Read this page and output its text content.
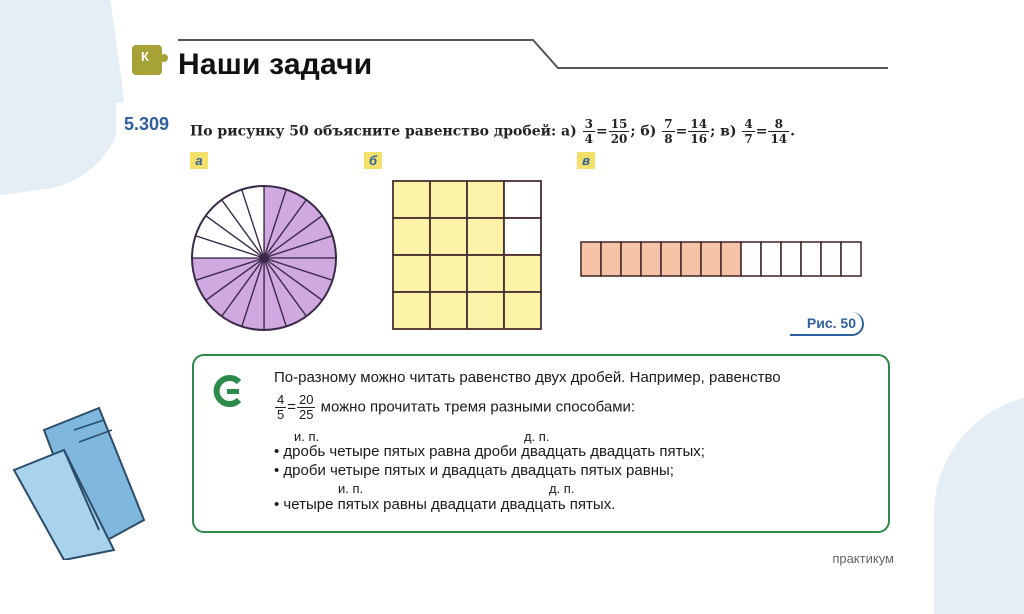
К Наши задачи
5.309 По рисунку 50 объясните равенство дробей: $а) \frac{3}{4} = \frac{15}{20}$ ; $б) \frac{7}{8} = \frac{14}{16}$ ; $в) \frac{4}{7} = \frac{8}{14}$ .
а	б	в
Рис. 50
По-разному можно читать равенство двух дробей. Например, равенство
$\frac{4}{5} = \frac{20}{25}$ можно прочитать тремя разными способами:
и. п.	д. п.
• дробь четыре пятых равна дроби двадцать двадцать пятых;
• дроби четыре пятых и двадцать двадцать пятых равны;
и. п.	д. п.
• четыре пятых равны двадцати двадцать пятых.
практикум
